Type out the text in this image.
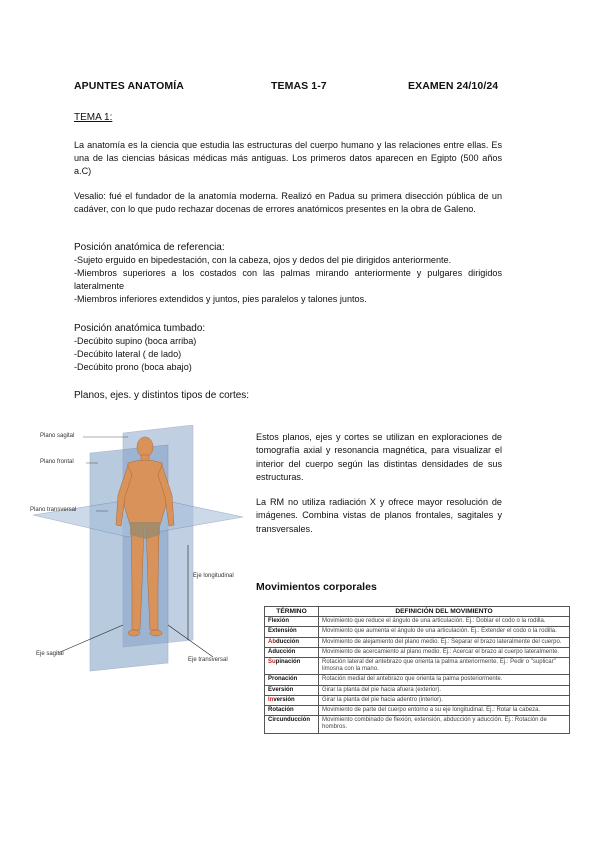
APUNTES ANATOMÍA	TEMAS 1-7	EXAMEN 24/10/24
TEMA 1:

La anatomía es la ciencia que estudia las estructuras del cuerpo humano y las relaciones entre ellas. Es una de las ciencias básicas médicas más antiguas. Los primeros datos aparecen en Egipto (500 años a.C)

Vesalio: fué el fundador de la anatomía moderna. Realizó en Padua su primera disección pública de un cadáver, con lo que pudo rechazar docenas de errores anatómicos presentes en la obra de Galeno.

Posición anatómica de referencia:

-Sujeto erguido en bipedestación, con la cabeza, ojos y dedos del pie dirigidos anteriormente.

-Miembros superiores a los costados con las palmas mirando anteriormente y pulgares dirigidos lateralmente

-Miembros inferiores extendidos y juntos, pies paralelos y talones juntos.

Posición anatómica tumbado:

-Decúbito supino (boca arriba)

-Decúbito lateral ( de lado)

-Decúbito prono (boca abajo)

Planos, ejes. y distintos tipos de cortes:
Plano sagital
Plano frontal
Plano transversal
Eje longitudinal
Eje sagital
Eje transversal

Estos planos, ejes y cortes se utilizan en exploraciones de tomografía axial y resonancia magnética, para visualizar el interior del cuerpo según las distintas densidades de sus estructuras.

La RM no utiliza radiación X y ofrece mayor resolución de imágenes. Combina vistas de planos frontales, sagitales y transversales.

Movimientos corporales
TÉRMINO	DEFINICIÓN DEL MOVIMIENTO
Flexión	Movimiento que reduce el ángulo de una articulación. Ej.: Doblar el codo o la rodilla.
Extensión	Movimiento que aumenta el ángulo de una articulación. Ej.: Extender el codo o la rodilla.
Abducción	Movimiento de alejamiento del plano medio. Ej.: Separar el brazo lateralmente del cuerpo.
Aducción	Movimiento de acercamiento al plano medio. Ej.: Acercar el brazo al cuerpo lateralmente.
Supinación	Rotación lateral del antebrazo que orienta la palma anteriormente. Ej.: Pedir o "suplicar" limosna con la mano.
Pronación	Rotación medial del antebrazo que orienta la palma posteriormente.
Eversión	Girar la planta del pie hacia afuera (exterior).
Inversión	Girar la planta del pie hacia adentro (interior).
Rotación	Movimiento de parte del cuerpo entorno a su eje longitudinal. Ej.: Rotar la cabeza.
Circunducción	Movimiento combinado de flexión, extensión, abducción y aducción. Ej.: Rotación de hombros.
